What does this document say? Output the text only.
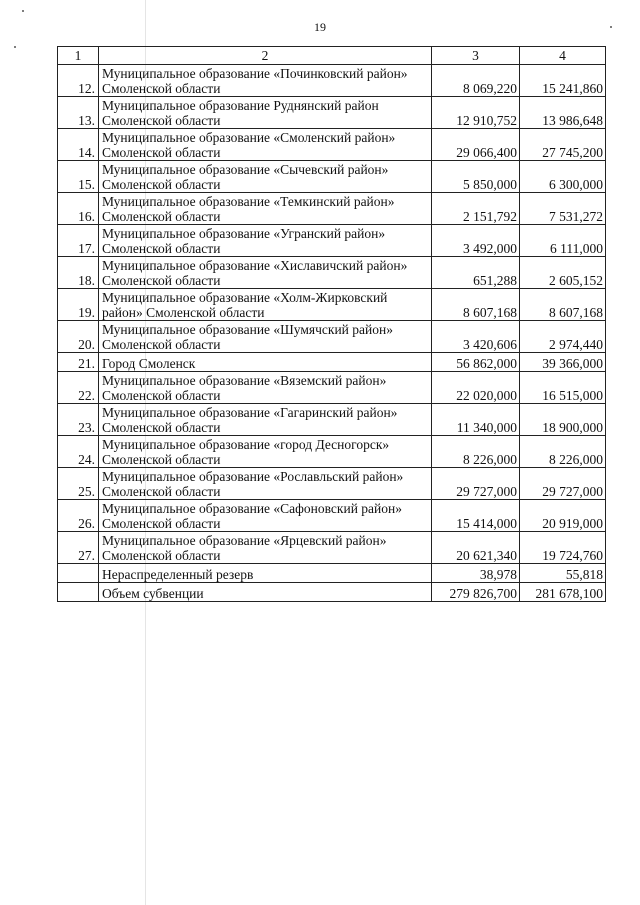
19
1	2	3	4
12.	Муниципальное образование «Починковский район» Смоленской области	8 069,220	15 241,860
13.	Муниципальное образование Руднянский район Смоленской области	12 910,752	13 986,648
14.	Муниципальное образование «Смоленский район» Смоленской области	29 066,400	27 745,200
15.	Муниципальное образование «Сычевский район» Смоленской области	5 850,000	6 300,000
16.	Муниципальное образование «Темкинский район» Смоленской области	2 151,792	7 531,272
17.	Муниципальное образование «Угранский район» Смоленской области	3 492,000	6 111,000
18.	Муниципальное образование «Хиславичский район» Смоленской области	651,288	2 605,152
19.	Муниципальное образование «Холм-Жирковский район» Смоленской области	8 607,168	8 607,168
20.	Муниципальное образование «Шумячский район» Смоленской области	3 420,606	2 974,440
21.	Город Смоленск	56 862,000	39 366,000
22.	Муниципальное образование «Вяземский район» Смоленской области	22 020,000	16 515,000
23.	Муниципальное образование «Гагаринский район» Смоленской области	11 340,000	18 900,000
24.	Муниципальное образование «город Десногорск» Смоленской области	8 226,000	8 226,000
25.	Муниципальное образование «Рославльский район» Смоленской области	29 727,000	29 727,000
26.	Муниципальное образование «Сафоновский район» Смоленской области	15 414,000	20 919,000
27.	Муниципальное образование «Ярцевский район» Смоленской области	20 621,340	19 724,760
	Нераспределенный резерв	38,978	55,818
	Объем субвенции	279 826,700	281 678,100
